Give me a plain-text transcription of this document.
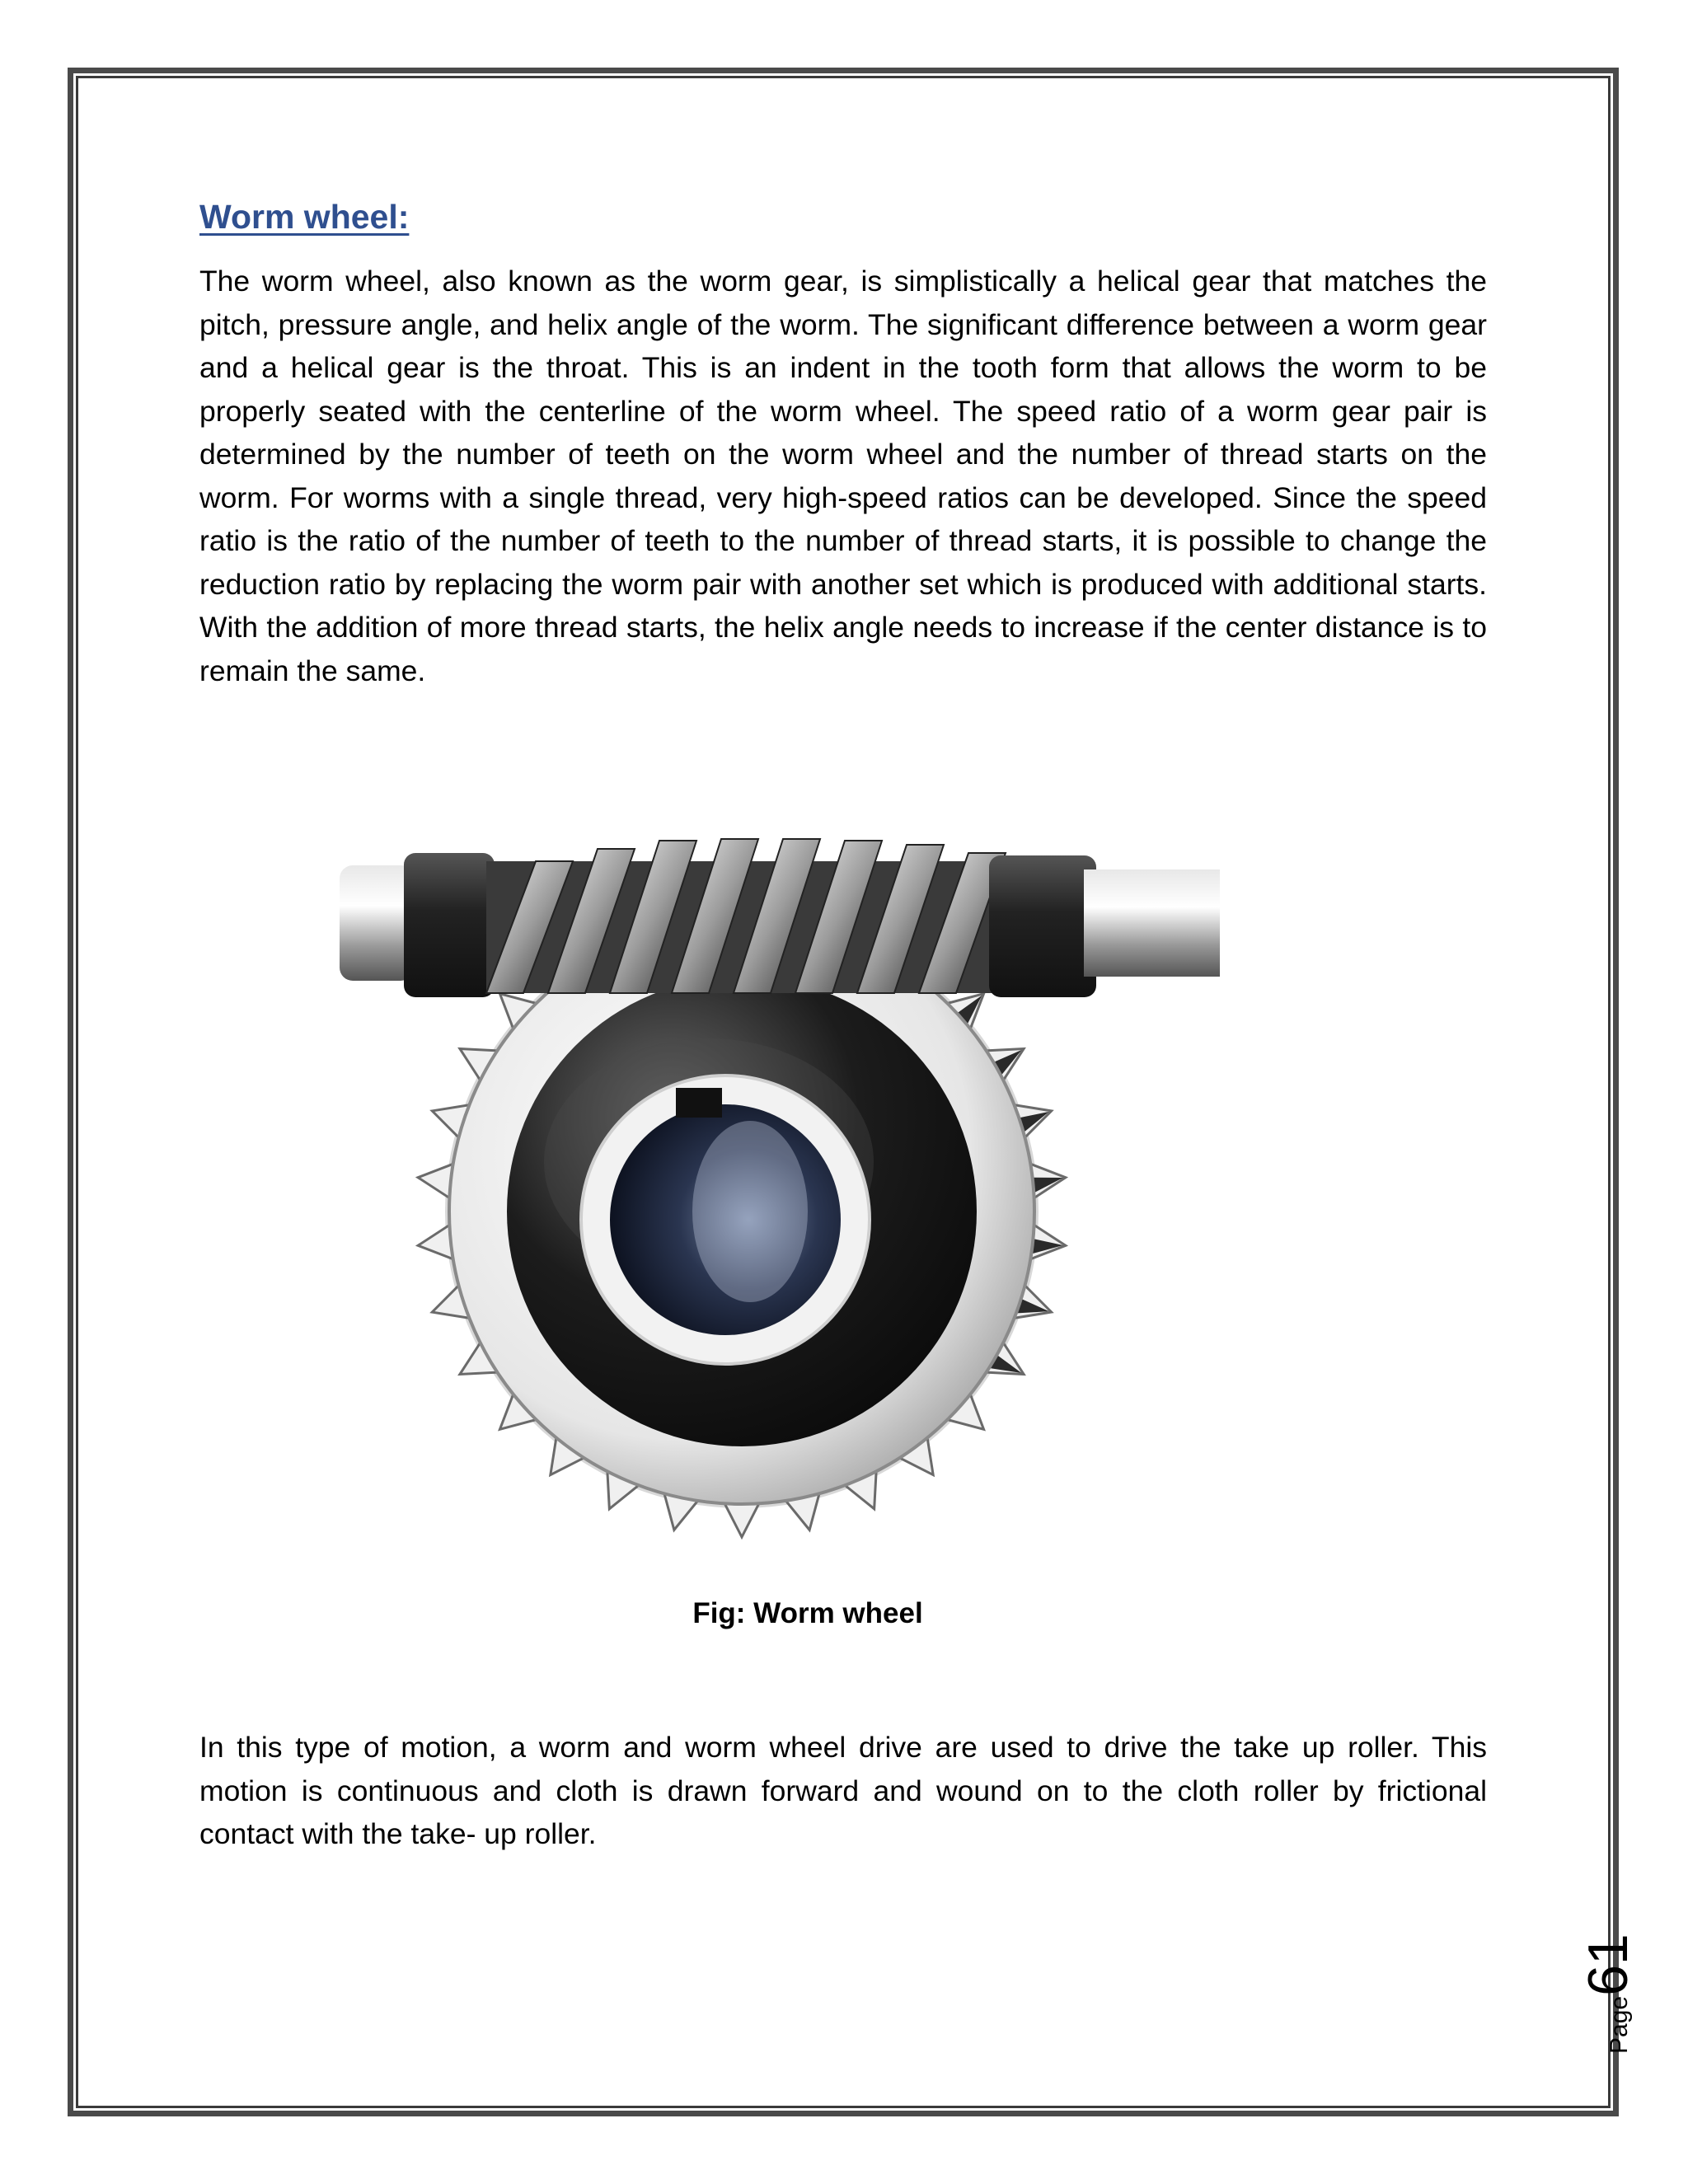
Worm wheel:

The worm wheel, also known as the worm gear, is simplistically a helical gear that matches the pitch, pressure angle, and helix angle of the worm. The significant difference between a worm gear and a helical gear is the throat. This is an indent in the tooth form that allows the worm to be properly seated with the centerline of the worm wheel. The speed ratio of a worm gear pair is determined by the number of teeth on the worm wheel and the number of thread starts on the worm. For worms with a single thread, very high-speed ratios can be developed. Since the speed ratio is the ratio of the number of teeth to the number of thread starts, it is possible to change the reduction ratio by replacing the worm pair with another set which is produced with additional starts. With the addition of more thread starts, the helix angle needs to increase if the center distance is to remain the same.

Fig: Worm wheel

In this type of motion, a worm and worm wheel drive are used to drive the take up roller. This motion is continuous and cloth is drawn forward and wound on to the cloth roller by frictional contact with the take- up roller.

Page61
